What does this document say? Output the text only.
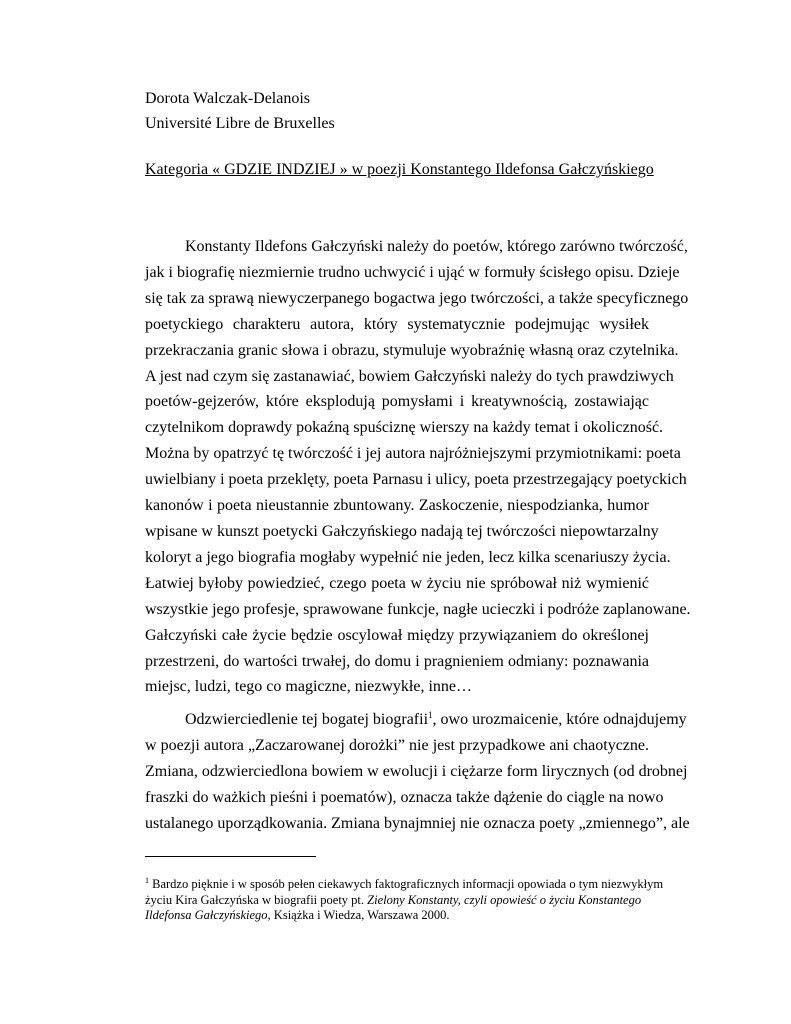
Dorota Walczak-Delanois
Université Libre de Bruxelles
Kategoria « GDZIE INDZIEJ » w poezji Konstantego Ildefonsa Gałczyńskiego
Konstanty Ildefons Gałczyński należy do poetów, którego zarówno twórczość,
jak i biografię niezmiernie trudno uchwycić i ująć w formuły ścisłego opisu. Dzieje
się tak za sprawą niewyczerpanego bogactwa jego twórczości, a także specyficznego
poetyckiego charakteru autora, który systematycznie podejmując wysiłek
przekraczania granic słowa i obrazu, stymuluje wyobraźnię własną oraz czytelnika.
A jest nad czym się zastanawiać, bowiem Gałczyński należy do tych prawdziwych
poetów-gejzerów, które eksplodują pomysłami i kreatywnością, zostawiając
czytelnikom doprawdy pokaźną spuściznę wierszy na każdy temat i okoliczność.
Można by opatrzyć tę twórczość i jej autora najróżniejszymi przymiotnikami: poeta
uwielbiany i poeta przeklęty, poeta Parnasu i ulicy, poeta przestrzegający poetyckich
kanonów i poeta nieustannie zbuntowany. Zaskoczenie, niespodzianka, humor
wpisane w kunszt poetycki Gałczyńskiego nadają tej twórczości niepowtarzalny
koloryt a jego biografia mogłaby wypełnić nie jeden, lecz kilka scenariuszy życia.
Łatwiej byłoby powiedzieć, czego poeta w życiu nie spróbował niż wymienić
wszystkie jego profesje, sprawowane funkcje, nagłe ucieczki i podróże zaplanowane.
Gałczyński całe życie będzie oscylował między przywiązaniem do określonej
przestrzeni, do wartości trwałej, do domu i pragnieniem odmiany: poznawania
miejsc, ludzi, tego co magiczne, niezwykłe, inne…
Odzwierciedlenie tej bogatej biografii$^1$, owo urozmaicenie, które odnajdujemy
w poezji autora „Zaczarowanej dorożki” nie jest przypadkowe ani chaotyczne.
Zmiana, odzwierciedlona bowiem w ewolucji i ciężarze form lirycznych (od drobnej
fraszki do ważkich pieśni i poematów), oznacza także dążenie do ciągle na nowo
ustalanego uporządkowania. Zmiana bynajmniej nie oznacza poety „zmiennego”, ale
$^1$ Bardzo pięknie i w sposób pełen ciekawych faktograficznych informacji opowiada o tym niezwykłym
życiu Kira Gałczyńska w biografii poety pt. Zielony Konstanty, czyli opowieść o życiu Konstantego
Ildefonsa Gałczyńskiego, Książka i Wiedza, Warszawa 2000.
